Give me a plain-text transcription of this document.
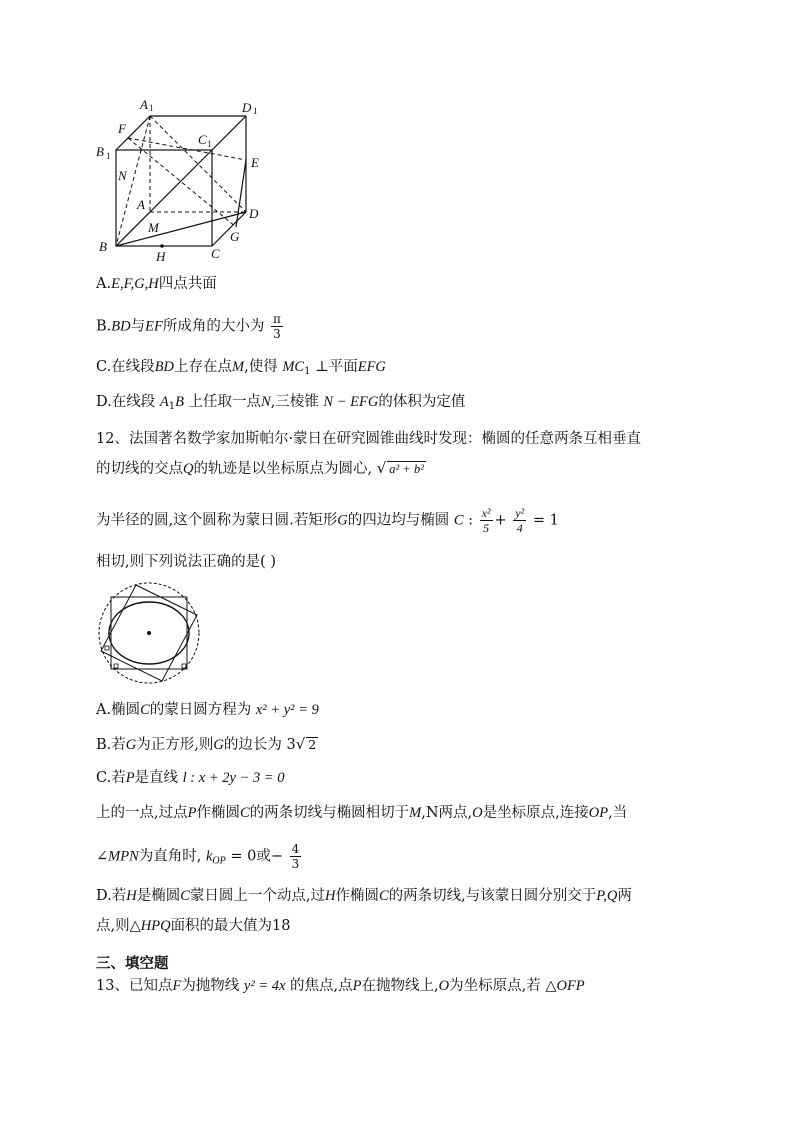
A 1	D 1
F
C 1
B 1	E
N
A
M
D
B
G
H	C
A.E,F,G,H四点共面
B.BD与EF所成角的大小为 $\frac{\pi}{3}$
C.在线段BD上存在点M,使得 $MC_1$ ⊥平面EFG
D.在线段 $A_1B$ 上任取一点N,三棱锥 N − EFG的体积为定值
12、法国著名数学家加斯帕尔·蒙日在研究圆锥曲线时发现：椭圆的任意两条互相垂直
的切线的交点Q的轨迹是以坐标原点为圆心, √ a² + b²
为半径的圆,这个圆称为蒙日圆.若矩形G的四边均与椭圆 C : $\frac{\text{x²}}{5} + \frac{\text{y²}}{4} = 1$
相切,则下列说法正确的是( )
A.椭圆C的蒙日圆方程为 x² + y² = 9
B.若G为正方形,则G的边长为 3√ 2
C.若P是直线 l : x + 2y − 3 = 0
上的一点,过点P作椭圆C的两条切线与椭圆相切于M,N两点,O是坐标原点,连接OP,当
∠MPN为直角时, $k_{OP} = 0$或− $\frac{4}{3}$
D.若H是椭圆C蒙日圆上一个动点,过H作椭圆C的两条切线,与该蒙日圆分别交于P,Q两
点,则△HPQ面积的最大值为18
三、填空题
13、已知点F为抛物线 y² = 4x 的焦点,点P在抛物线上,O为坐标原点,若 △OFP
